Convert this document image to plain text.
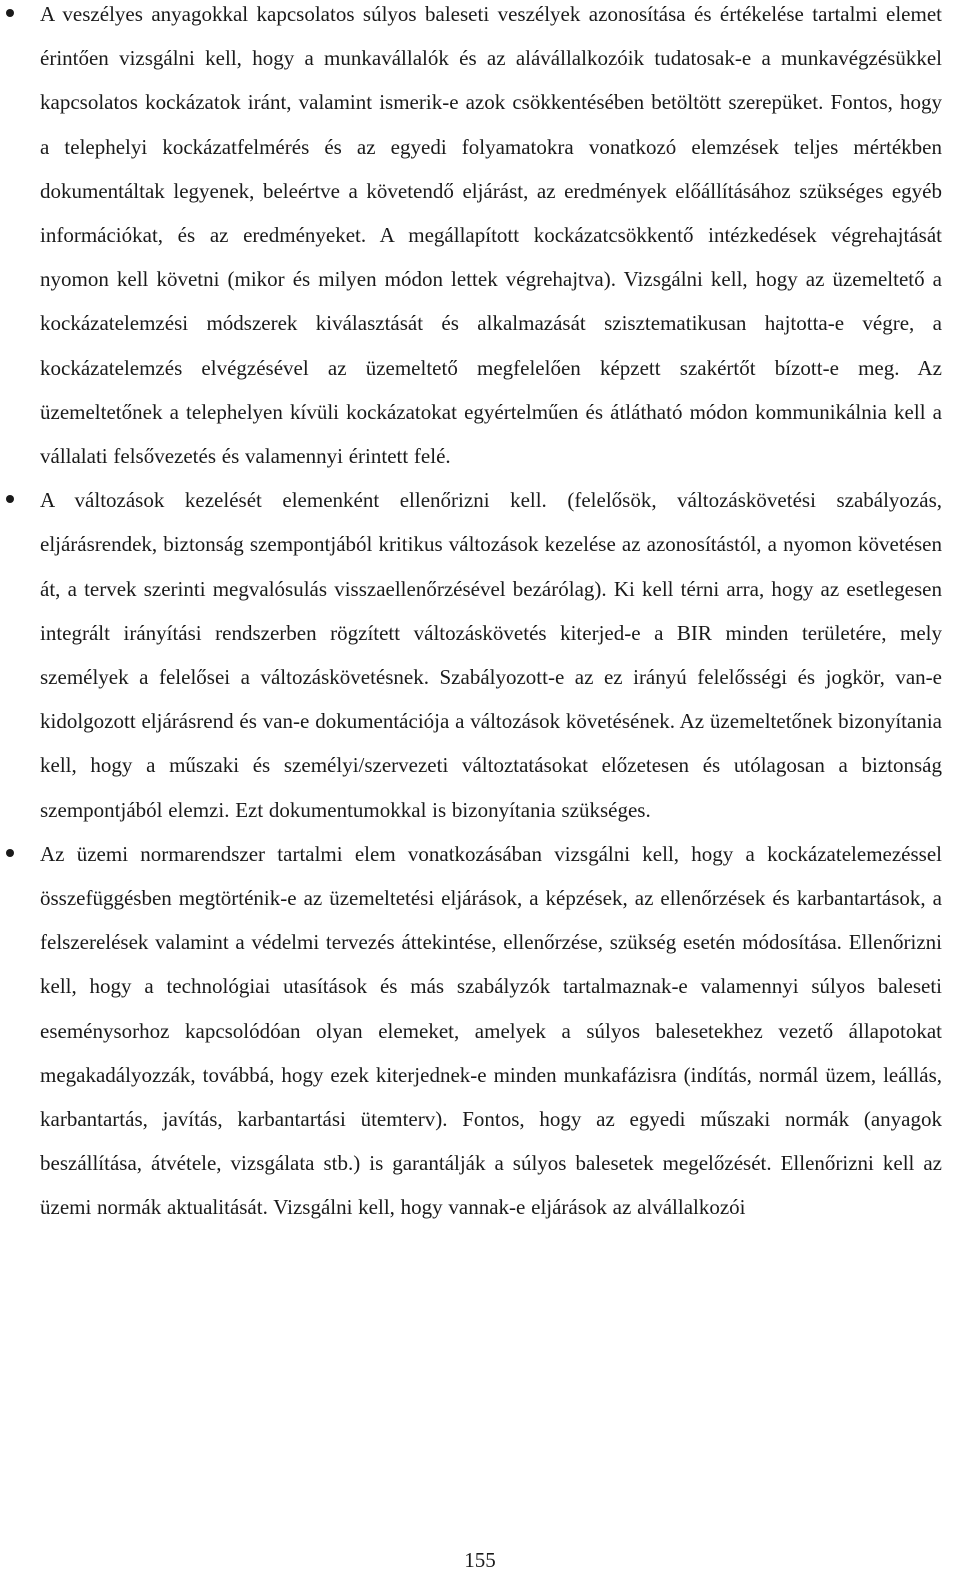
A veszélyes anyagokkal kapcsolatos súlyos baleseti veszélyek azonosítása és értékelése tartalmi elemet érintően vizsgálni kell, hogy a munkavállalók és az alávállalkozóik tudatosak-e a munkavégzésükkel kapcsolatos kockázatok iránt, valamint ismerik-e azok csökkentésében betöltött szerepüket. Fontos, hogy a telephelyi kockázatfelmérés és az egyedi folyamatokra vonatkozó elemzések teljes mértékben dokumentáltak legyenek, beleértve a követendő eljárást, az eredmények előállításához szükséges egyéb információkat, és az eredményeket. A megállapított kockázatcsökkentő intézkedések végrehajtását nyomon kell követni (mikor és milyen módon lettek végrehajtva). Vizsgálni kell, hogy az üzemeltető a kockázatelemzési módszerek kiválasztását és alkalmazását szisztematikusan hajtotta-e végre, a kockázatelemzés elvégzésével az üzemeltető megfelelően képzett szakértőt bízott-e meg. Az üzemeltetőnek a telephelyen kívüli kockázatokat egyértelműen és átlátható módon kommunikálnia kell a vállalati felsővezetés és valamennyi érintett felé.

A változások kezelését elemenként ellenőrizni kell. (felelősök, változáskövetési szabályozás, eljárásrendek, biztonság szempontjából kritikus változások kezelése az azonosítástól, a nyomon követésen át, a tervek szerinti megvalósulás visszaellenőrzésével bezárólag). Ki kell térni arra, hogy az esetlegesen integrált irányítási rendszerben rögzített változáskövetés kiterjed-e a BIR minden területére, mely személyek a felelősei a változáskövetésnek. Szabályozott-e az ez irányú felelősségi és jogkör, van-e kidolgozott eljárásrend és van-e dokumentációja a változások követésének. Az üzemeltetőnek bizonyítania kell, hogy a műszaki és személyi/szervezeti változtatásokat előzetesen és utólagosan a biztonság szempontjából elemzi. Ezt dokumentumokkal is bizonyítania szükséges.

Az üzemi normarendszer tartalmi elem vonatkozásában vizsgálni kell, hogy a kockázatelemezéssel összefüggésben megtörténik-e az üzemeltetési eljárások, a képzések, az ellenőrzések és karbantartások, a felszerelések valamint a védelmi tervezés áttekintése, ellenőrzése, szükség esetén módosítása. Ellenőrizni kell, hogy a technológiai utasítások és más szabályzók tartalmaznak-e valamennyi súlyos baleseti eseménysorhoz kapcsolódóan olyan elemeket, amelyek a súlyos balesetekhez vezető állapotokat megakadályozzák, továbbá, hogy ezek kiterjednek-e minden munkafázisra (indítás, normál üzem, leállás, karbantartás, javítás, karbantartási ütemterv). Fontos, hogy az egyedi műszaki normák (anyagok beszállítása, átvétele, vizsgálata stb.) is garantálják a súlyos balesetek megelőzését. Ellenőrizni kell az üzemi normák aktualitását. Vizsgálni kell, hogy vannak-e eljárások az alvállalkozói

155
